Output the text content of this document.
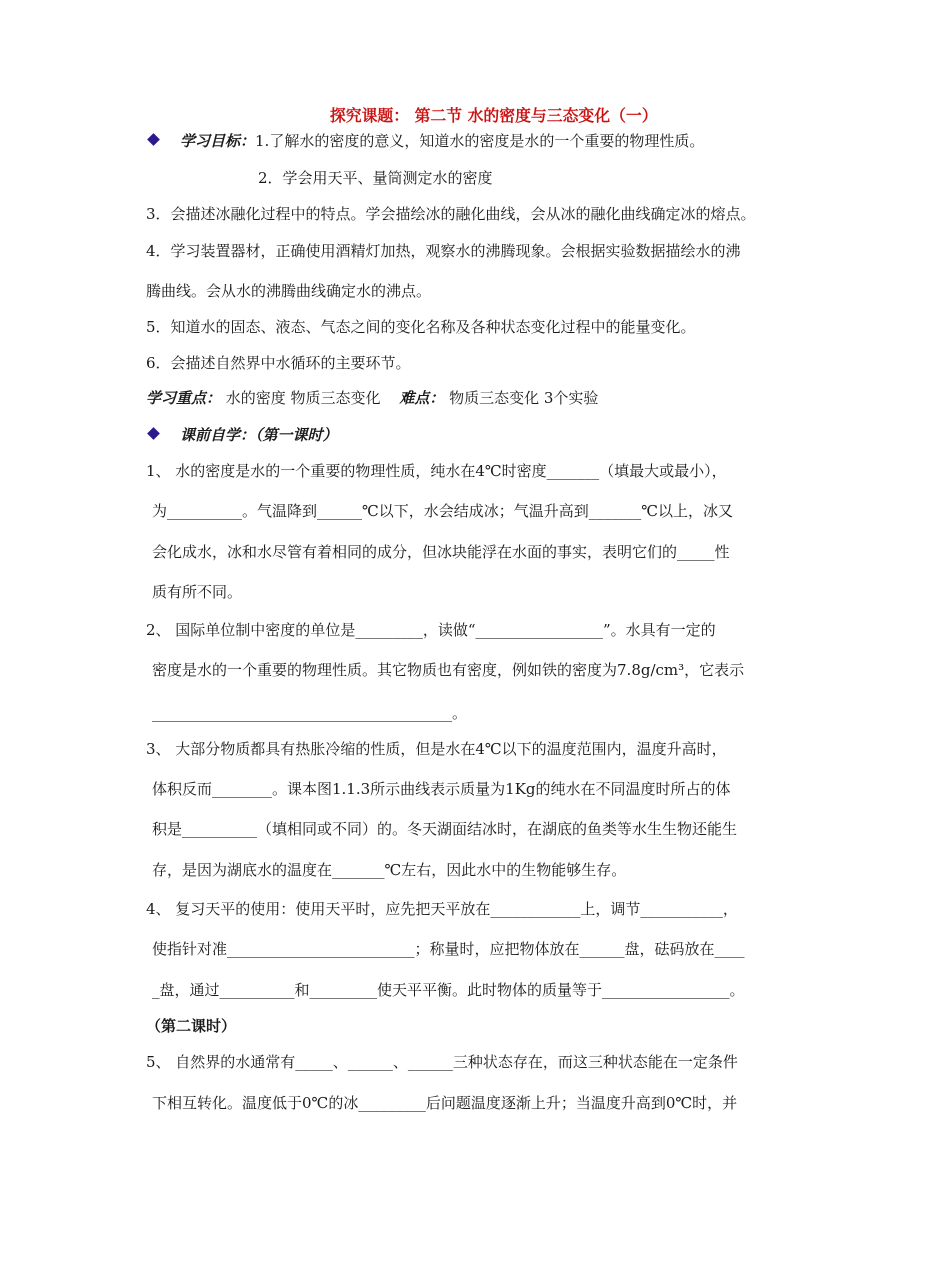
探究课题： 第二节 水的密度与三态变化（一）
学习目标：1.了解水的密度的意义，知道水的密度是水的一个重要的物理性质。
2．学会用天平、量筒测定水的密度
3．会描述冰融化过程中的特点。学会描绘冰的融化曲线，会从冰的融化曲线确定冰的熔点。
4．学习装置器材，正确使用酒精灯加热，观察水的沸腾现象。会根据实验数据描绘水的沸
腾曲线。会从水的沸腾曲线确定水的沸点。
5．知道水的固态、液态、气态之间的变化名称及各种状态变化过程中的能量变化。
6．会描述自然界中水循环的主要环节。
学习重点： 水的密度 物质三态变化 难点： 物质三态变化 3个实验
课前自学：（第一课时）
1、 水的密度是水的一个重要的物理性质，纯水在4℃时密度_______（填最大或最小），
为__________。气温降到______℃以下，水会结成冰；气温升高到_______℃以上，冰又
会化成水，冰和水尽管有着相同的成分，但冰块能浮在水面的事实，表明它们的_____性
质有所不同。
2、 国际单位制中密度的单位是_________，读做“_________________”。水具有一定的
密度是水的一个重要的物理性质。其它物质也有密度，例如铁的密度为7.8g/cm³，它表示
________________________________________。
3、 大部分物质都具有热胀冷缩的性质，但是水在4℃以下的温度范围内，温度升高时，
体积反而________。课本图1.1.3所示曲线表示质量为1Kg的纯水在不同温度时所占的体
积是__________（填相同或不同）的。冬天湖面结冰时，在湖底的鱼类等水生生物还能生
存，是因为湖底水的温度在_______℃左右，因此水中的生物能够生存。
4、 复习天平的使用：使用天平时，应先把天平放在____________上，调节___________，
使指针对准_________________________；称量时，应把物体放在______盘，砝码放在____
_盘，通过__________和_________使天平平衡。此时物体的质量等于_________________。
（第二课时）
5、 自然界的水通常有_____、______、______三种状态存在，而这三种状态能在一定条件
下相互转化。温度低于0℃的冰_________后问题温度逐渐上升；当温度升高到0℃时，并
